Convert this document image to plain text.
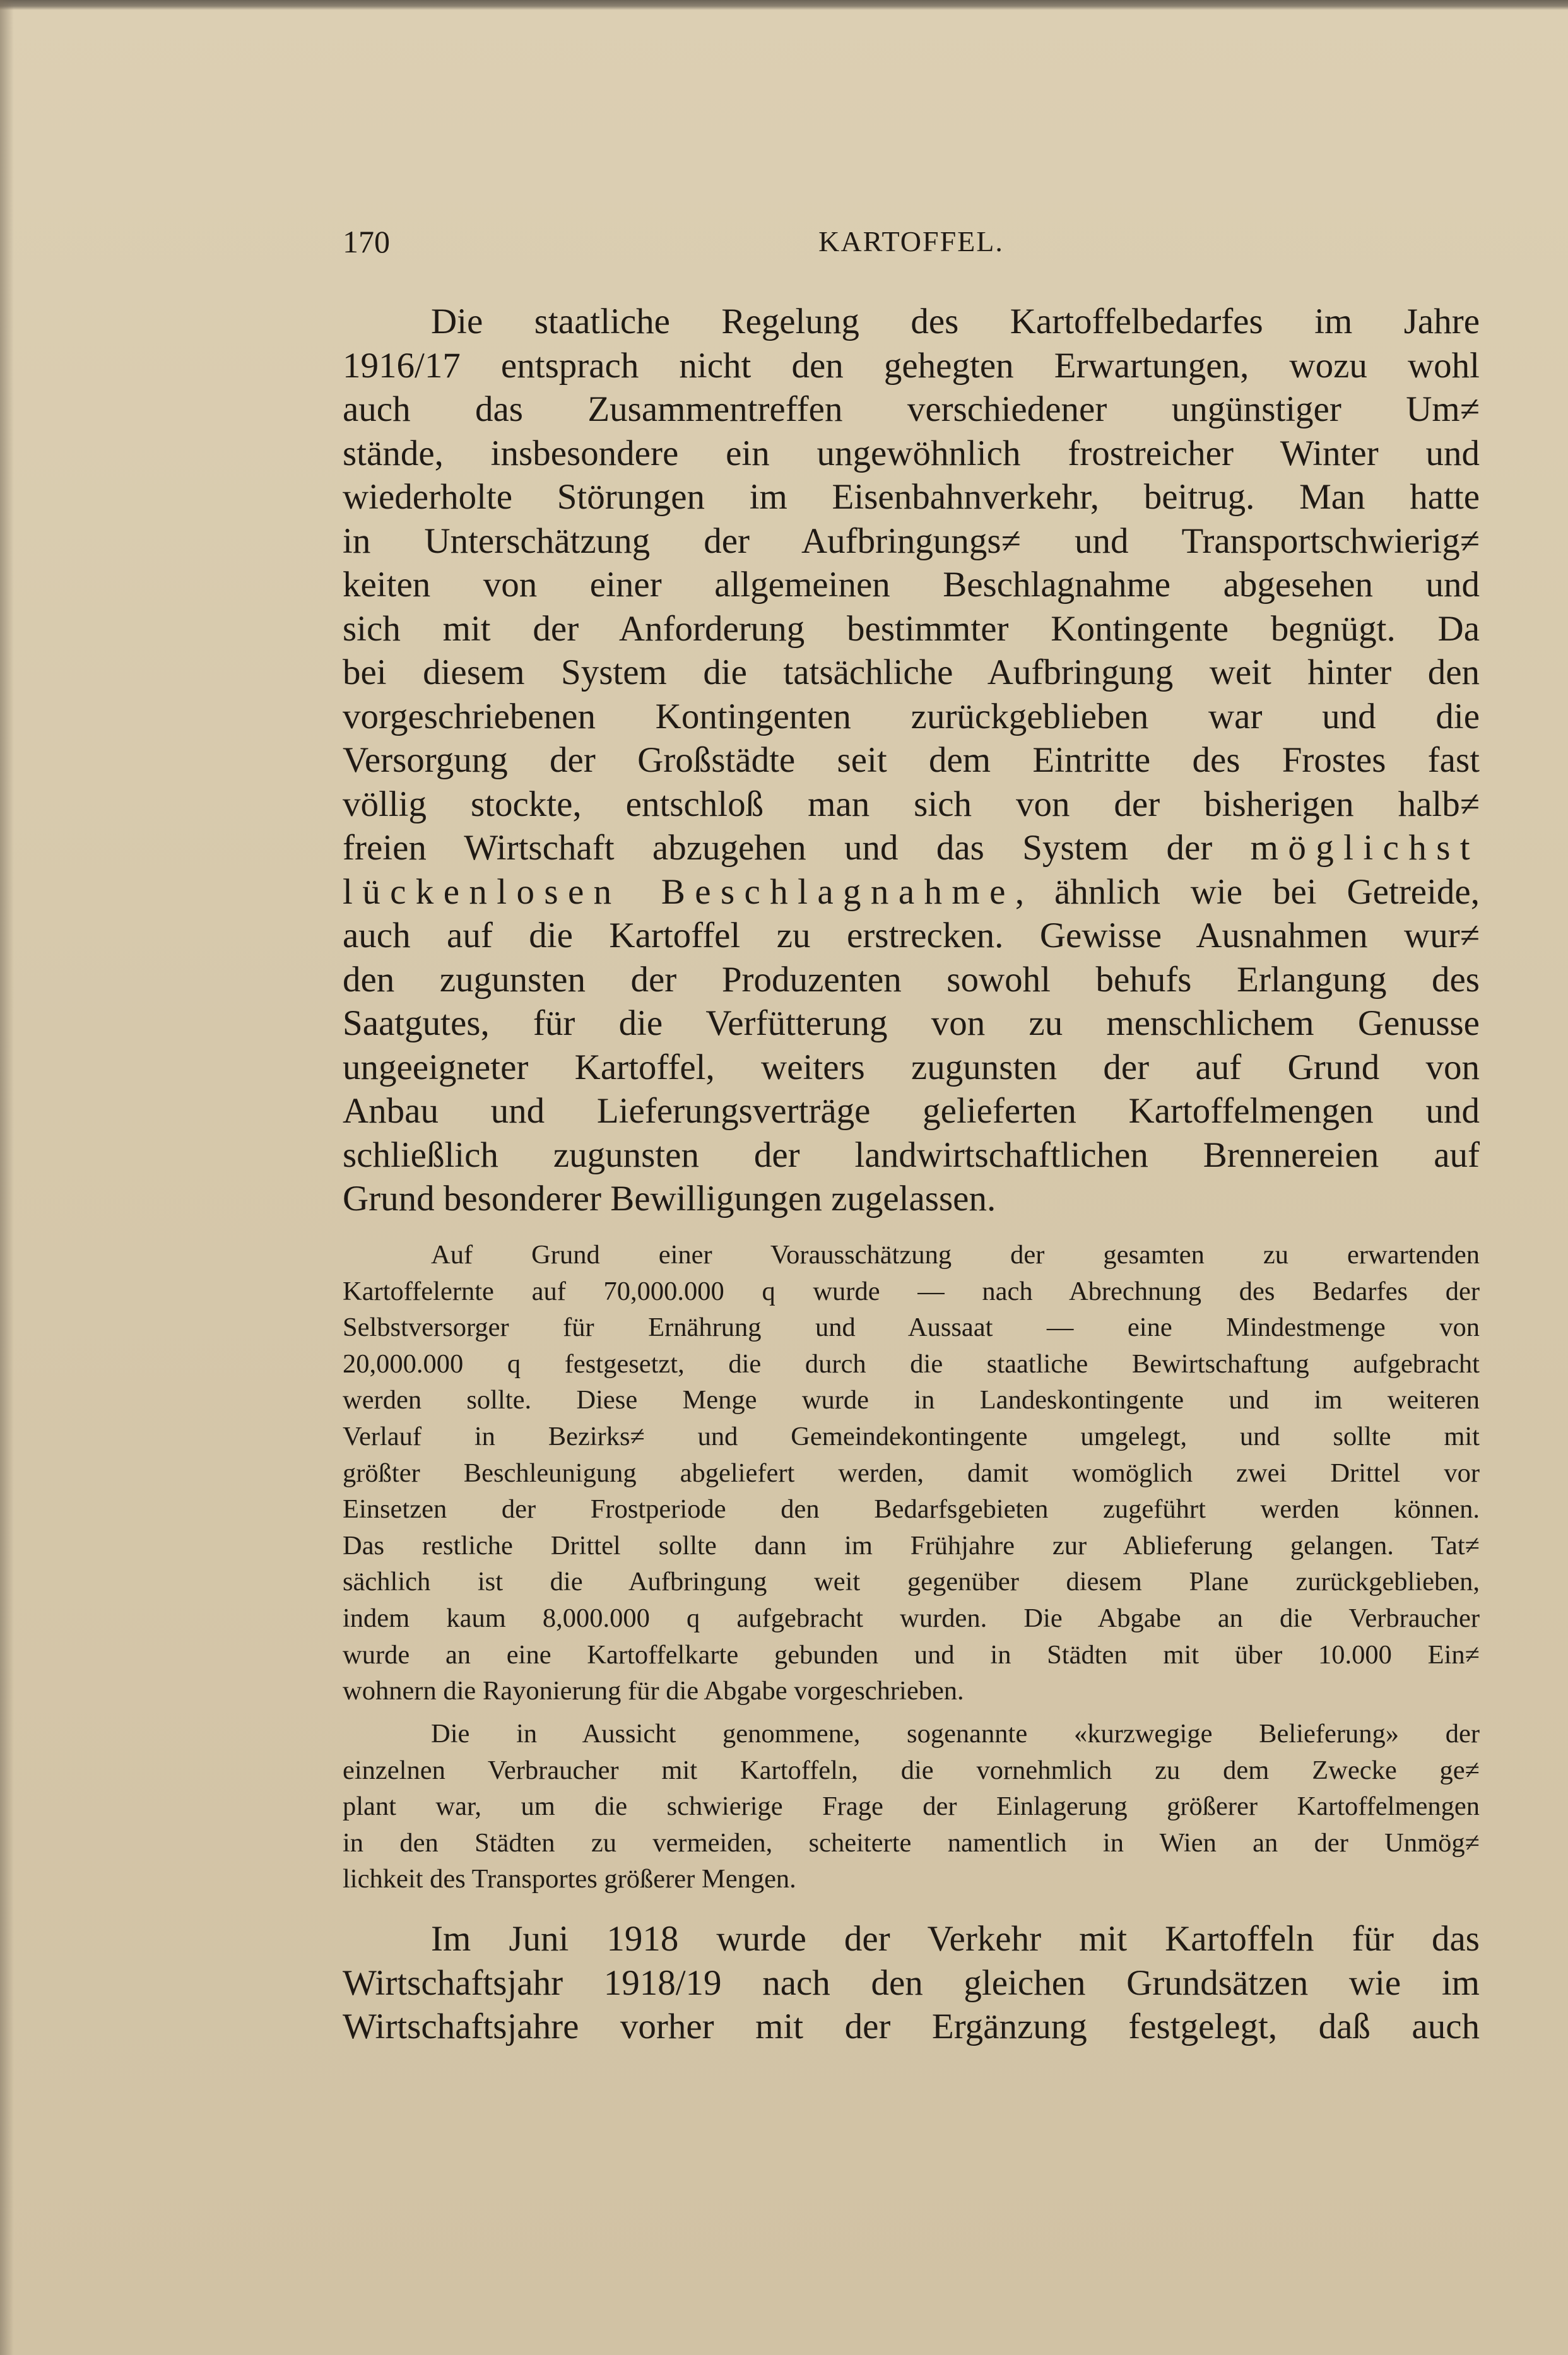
170	KARTOFFEL.
Die staatliche Regelung des Kartoffelbedarfes im Jahre
1916/17 entsprach nicht den gehegten Erwartungen, wozu wohl
auch das Zusammentreffen verschiedener ungünstiger Um≠
stände, insbesondere ein ungewöhnlich frostreicher Winter und
wiederholte Störungen im Eisenbahnverkehr, beitrug. Man hatte
in Unterschätzung der Aufbringungs≠ und Transportschwierig≠
keiten von einer allgemeinen Beschlagnahme abgesehen und
sich mit der Anforderung bestimmter Kontingente begnügt. Da
bei diesem System die tatsächliche Aufbringung weit hinter den
vorgeschriebenen Kontingenten zurückgeblieben war und die
Versorgung der Großstädte seit dem Eintritte des Frostes fast
völlig stockte, entschloß man sich von der bisherigen halb≠
freien Wirtschaft abzugehen und das System der möglichst
lückenlosen Beschlagnahme, ähnlich wie bei Getreide,
auch auf die Kartoffel zu erstrecken. Gewisse Ausnahmen wur≠
den zugunsten der Produzenten sowohl behufs Erlangung des
Saatgutes, für die Verfütterung von zu menschlichem Genusse
ungeeigneter Kartoffel, weiters zugunsten der auf Grund von
Anbau und Lieferungsverträge gelieferten Kartoffelmengen und
schließlich zugunsten der landwirtschaftlichen Brennereien auf
Grund besonderer Bewilligungen zugelassen.
Auf Grund einer Vorausschätzung der gesamten zu erwartenden
Kartoffelernte auf 70,000.000 q wurde — nach Abrechnung des Bedarfes der
Selbstversorger für Ernährung und Aussaat — eine Mindestmenge von
20,000.000 q festgesetzt, die durch die staatliche Bewirtschaftung aufgebracht
werden sollte. Diese Menge wurde in Landeskontingente und im weiteren
Verlauf in Bezirks≠ und Gemeindekontingente umgelegt, und sollte mit
größter Beschleunigung abgeliefert werden, damit womöglich zwei Drittel vor
Einsetzen der Frostperiode den Bedarfsgebieten zugeführt werden können.
Das restliche Drittel sollte dann im Frühjahre zur Ablieferung gelangen. Tat≠
sächlich ist die Aufbringung weit gegenüber diesem Plane zurückgeblieben,
indem kaum 8,000.000 q aufgebracht wurden. Die Abgabe an die Verbraucher
wurde an eine Kartoffelkarte gebunden und in Städten mit über 10.000 Ein≠
wohnern die Rayonierung für die Abgabe vorgeschrieben.
Die in Aussicht genommene, sogenannte «kurzwegige Belieferung» der
einzelnen Verbraucher mit Kartoffeln, die vornehmlich zu dem Zwecke ge≠
plant war, um die schwierige Frage der Einlagerung größerer Kartoffelmengen
in den Städten zu vermeiden, scheiterte namentlich in Wien an der Unmög≠
lichkeit des Transportes größerer Mengen.
Im Juni 1918 wurde der Verkehr mit Kartoffeln für das
Wirtschaftsjahr 1918/19 nach den gleichen Grundsätzen wie im
Wirtschaftsjahre vorher mit der Ergänzung festgelegt, daß auch
